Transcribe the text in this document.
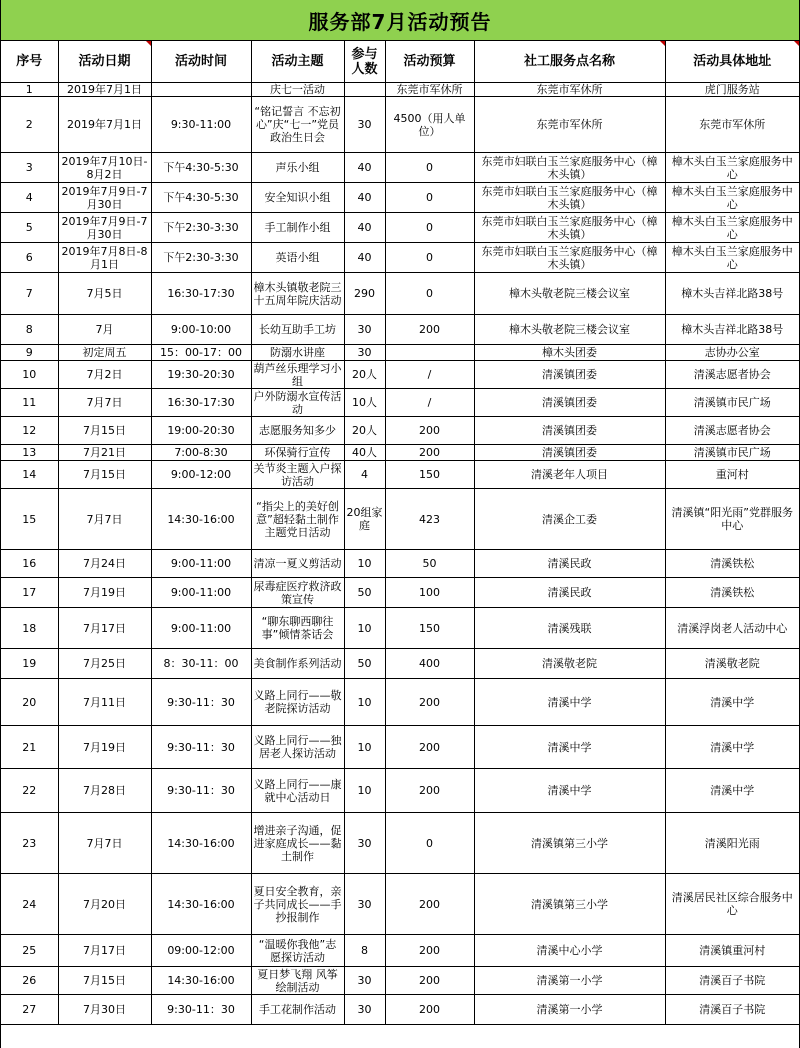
服务部7月活动预告
序号	活动日期	活动时间	活动主题	参与人数	活动预算	社工服务点名称	活动具体地址

1	2019年7月1日		庆七一活动		东莞市军休所	东莞市军休所	虎门服务站
2	2019年7月1日	9:30-11:00	“铭记誓言 不忘初心”庆“七一”党员政治生日会	30	4500（用人单位）	东莞市军休所	东莞市军休所
3	2019年7月10日-8月2日	下午4:30-5:30	声乐小组	40	0	东莞市妇联白玉兰家庭服务中心（樟木头镇）	樟木头白玉兰家庭服务中心
4	2019年7月9日-7月30日	下午4:30-5:30	安全知识小组	40	0	东莞市妇联白玉兰家庭服务中心（樟木头镇）	樟木头白玉兰家庭服务中心
5	2019年7月9日-7月30日	下午2:30-3:30	手工制作小组	40	0	东莞市妇联白玉兰家庭服务中心（樟木头镇）	樟木头白玉兰家庭服务中心
6	2019年7月8日-8月1日	下午2:30-3:30	英语小组	40	0	东莞市妇联白玉兰家庭服务中心（樟木头镇）	樟木头白玉兰家庭服务中心
7	7月5日	16:30-17:30	樟木头镇敬老院三十五周年院庆活动	290	0	樟木头敬老院三楼会议室	樟木头吉祥北路38号
8	7月	9:00-10:00	长幼互助手工坊	30	200	樟木头敬老院三楼会议室	樟木头吉祥北路38号
9	初定周五	15：00-17：00	防溺水讲座	30		樟木头团委	志协办公室
10	7月2日	19:30-20:30	葫芦丝乐理学习小组	20人	/	清溪镇团委	清溪志愿者协会
11	7月7日	16:30-17:30	户外防溺水宣传活动	10人	/	清溪镇团委	清溪镇市民广场
12	7月15日	19:00-20:30	志愿服务知多少	20人	200	清溪镇团委	清溪志愿者协会
13	7月21日	7:00-8:30	环保骑行宣传	40人	200	清溪镇团委	清溪镇市民广场
14	7月15日	9:00-12:00	关节炎主题入户探访活动	4	150	清溪老年人项目	重河村
15	7月7日	14:30-16:00	“指尖上的美好创意”超轻黏土制作主题党日活动	20组家庭	423	清溪企工委	清溪镇“阳光雨”党群服务中心
16	7月24日	9:00-11:00	清凉一夏义剪活动	10	50	清溪民政	清溪铁松
17	7月19日	9:00-11:00	尿毒症医疗救济政策宣传	50	100	清溪民政	清溪铁松
18	7月17日	9:00-11:00	“聊东聊西聊往事”倾情茶话会	10	150	清溪残联	清溪浮岗老人活动中心
19	7月25日	8：30-11：00	美食制作系列活动	50	400	清溪敬老院	清溪敬老院
20	7月11日	9:30-11：30	义路上同行——敬老院探访活动	10	200	清溪中学	清溪中学
21	7月19日	9:30-11：30	义路上同行——独居老人探访活动	10	200	清溪中学	清溪中学
22	7月28日	9:30-11：30	义路上同行——康就中心活动日	10	200	清溪中学	清溪中学
23	7月7日	14:30-16:00	增进亲子沟通，促进家庭成长——黏土制作	30	0	清溪镇第三小学	清溪阳光雨
24	7月20日	14:30-16:00	夏日安全教育，亲子共同成长——手抄报制作	30	200	清溪镇第三小学	清溪居民社区综合服务中心
25	7月17日	09:00-12:00	“温暖你我他”志愿探访活动	8	200	清溪中心小学	清溪镇重河村
26	7月15日	14:30-16:00	夏日梦飞翔 风筝绘制活动	30	200	清溪第一小学	清溪百子书院
27	7月30日	9:30-11：30	手工花制作活动	30	200	清溪第一小学	清溪百子书院
